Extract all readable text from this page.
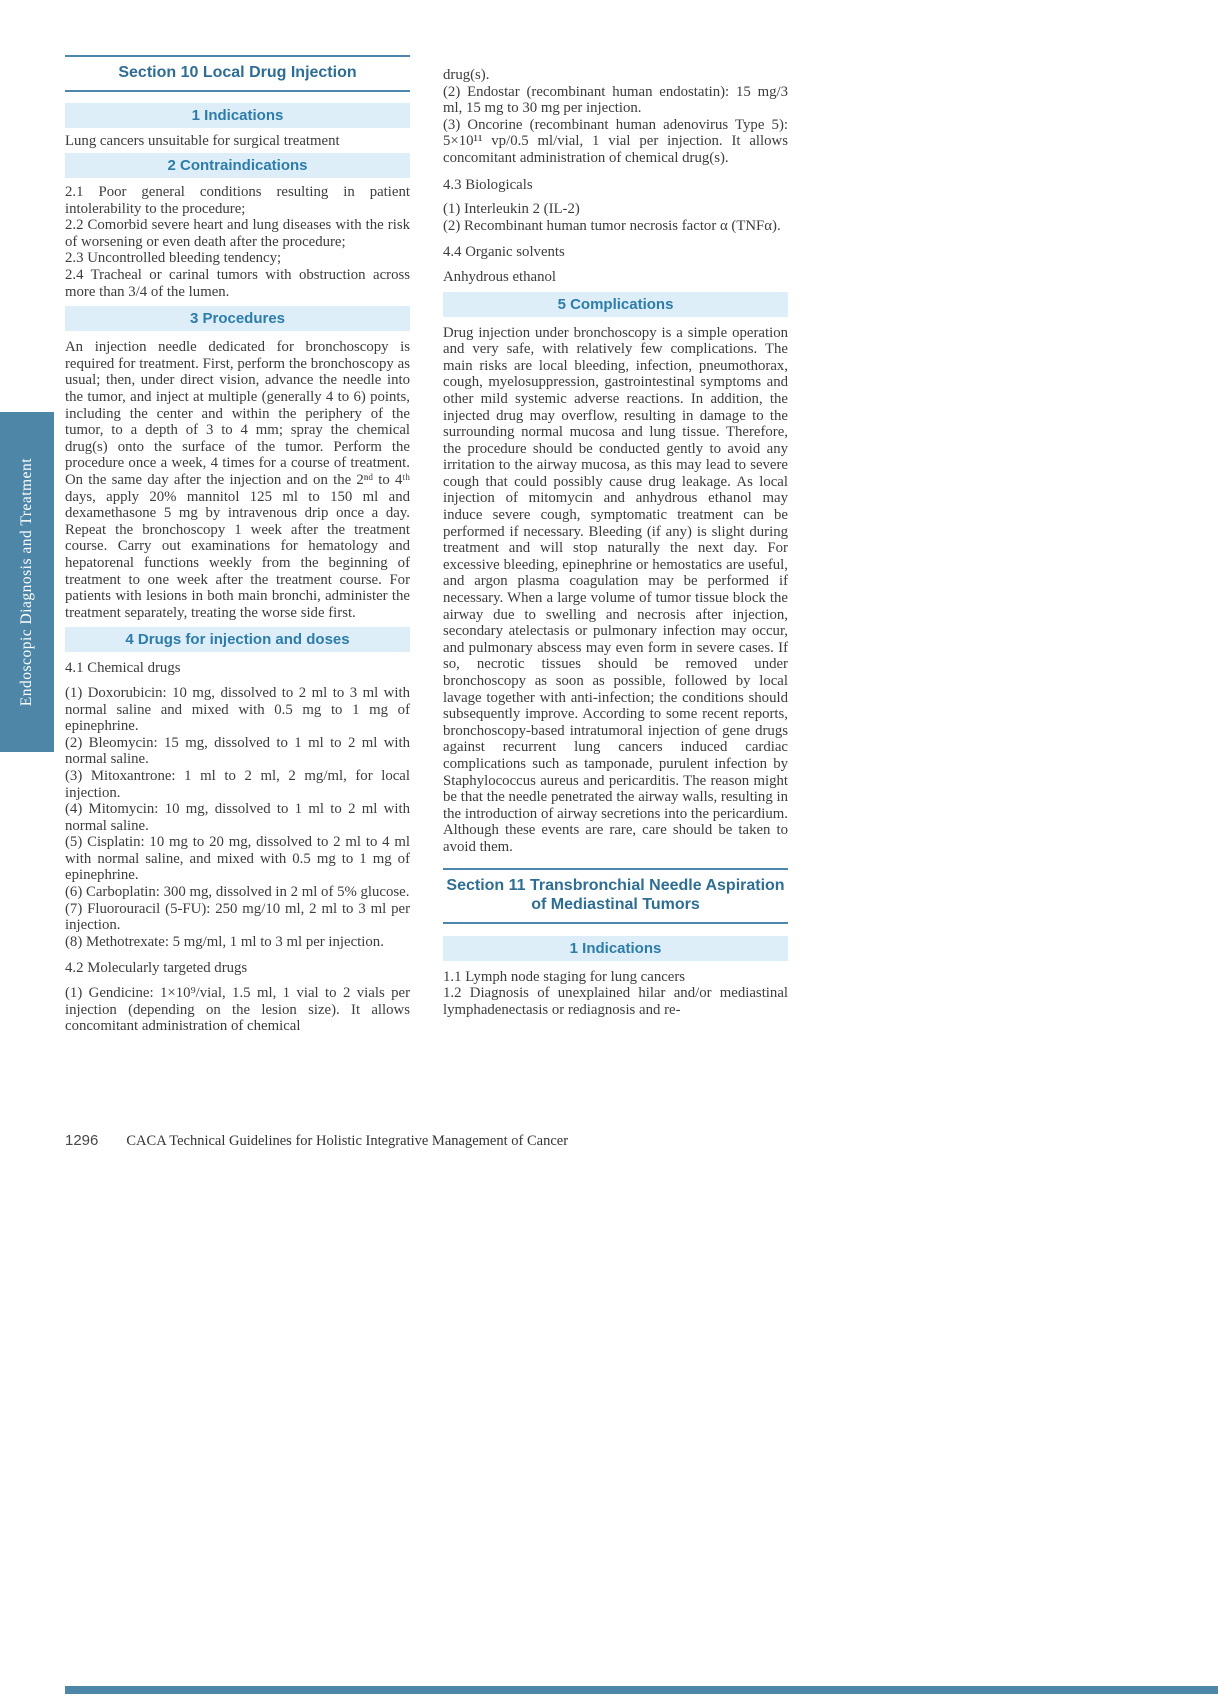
Endoscopic Diagnosis and Treatment
Section 10 Local Drug Injection
1 Indications

Lung cancers unsuitable for surgical treatment

2 Contraindications

2.1 Poor general conditions resulting in patient intolerability to the procedure;

2.2 Comorbid severe heart and lung diseases with the risk of worsening or even death after the procedure;

2.3 Uncontrolled bleeding tendency;

2.4 Tracheal or carinal tumors with obstruction across more than 3/4 of the lumen.

3 Procedures

An injection needle dedicated for bronchoscopy is required for treatment. First, perform the bronchoscopy as usual; then, under direct vision, advance the needle into the tumor, and inject at multiple (generally 4 to 6) points, including the center and within the periphery of the tumor, to a depth of 3 to 4 mm; spray the chemical drug(s) onto the surface of the tumor. Perform the procedure once a week, 4 times for a course of treatment. On the same day after the injection and on the 2ⁿᵈ to 4ᵗʰ days, apply 20% mannitol 125 ml to 150 ml and dexamethasone 5 mg by intravenous drip once a day. Repeat the bronchoscopy 1 week after the treatment course. Carry out examinations for hematology and hepatorenal functions weekly from the beginning of treatment to one week after the treatment course. For patients with lesions in both main bronchi, administer the treatment separately, treating the worse side first.

4 Drugs for injection and doses

4.1 Chemical drugs

(1) Doxorubicin: 10 mg, dissolved to 2 ml to 3 ml with normal saline and mixed with 0.5 mg to 1 mg of epinephrine.

(2) Bleomycin: 15 mg, dissolved to 1 ml to 2 ml with normal saline.

(3) Mitoxantrone: 1 ml to 2 ml, 2 mg/ml, for local injection.

(4) Mitomycin: 10 mg, dissolved to 1 ml to 2 ml with normal saline.

(5) Cisplatin: 10 mg to 20 mg, dissolved to 2 ml to 4 ml with normal saline, and mixed with 0.5 mg to 1 mg of epinephrine.

(6) Carboplatin: 300 mg, dissolved in 2 ml of 5% glucose.

(7) Fluorouracil (5-FU): 250 mg/10 ml, 2 ml to 3 ml per injection.

(8) Methotrexate: 5 mg/ml, 1 ml to 3 ml per injection.

4.2 Molecularly targeted drugs

(1) Gendicine: 1×10⁹/vial, 1.5 ml, 1 vial to 2 vials per injection (depending on the lesion size). It allows concomitant administration of chemical

drug(s).

(2) Endostar (recombinant human endostatin): 15 mg/3 ml, 15 mg to 30 mg per injection.

(3) Oncorine (recombinant human adenovirus Type 5): 5×10¹¹ vp/0.5 ml/vial, 1 vial per injection. It allows concomitant administration of chemical drug(s).

4.3 Biologicals

(1) Interleukin 2 (IL-2)

(2) Recombinant human tumor necrosis factor α (TNFα).

4.4 Organic solvents

Anhydrous ethanol

5 Complications

Drug injection under bronchoscopy is a simple operation and very safe, with relatively few complications. The main risks are local bleeding, infection, pneumothorax, cough, myelosuppression, gastrointestinal symptoms and other mild systemic adverse reactions. In addition, the injected drug may overflow, resulting in damage to the surrounding normal mucosa and lung tissue. Therefore, the procedure should be conducted gently to avoid any irritation to the airway mucosa, as this may lead to severe cough that could possibly cause drug leakage. As local injection of mitomycin and anhydrous ethanol may induce severe cough, symptomatic treatment can be performed if necessary. Bleeding (if any) is slight during treatment and will stop naturally the next day. For excessive bleeding, epinephrine or hemostatics are useful, and argon plasma coagulation may be performed if necessary. When a large volume of tumor tissue block the airway due to swelling and necrosis after injection, secondary atelectasis or pulmonary infection may occur, and pulmonary abscess may even form in severe cases. If so, necrotic tissues should be removed under bronchoscopy as soon as possible, followed by local lavage together with anti-infection; the conditions should subsequently improve. According to some recent reports, bronchoscopy-based intratumoral injection of gene drugs against recurrent lung cancers induced cardiac complications such as tamponade, purulent infection by Staphylococcus aureus and pericarditis. The reason might be that the needle penetrated the airway walls, resulting in the introduction of airway secretions into the pericardium. Although these events are rare, care should be taken to avoid them.

Section 11 Transbronchial Needle Aspiration of Mediastinal Tumors
1 Indications

1.1 Lymph node staging for lung cancers

1.2 Diagnosis of unexplained hilar and/or mediastinal lymphadenectasis or rediagnosis and re-

1296 CACA Technical Guidelines for Holistic Integrative Management of Cancer
